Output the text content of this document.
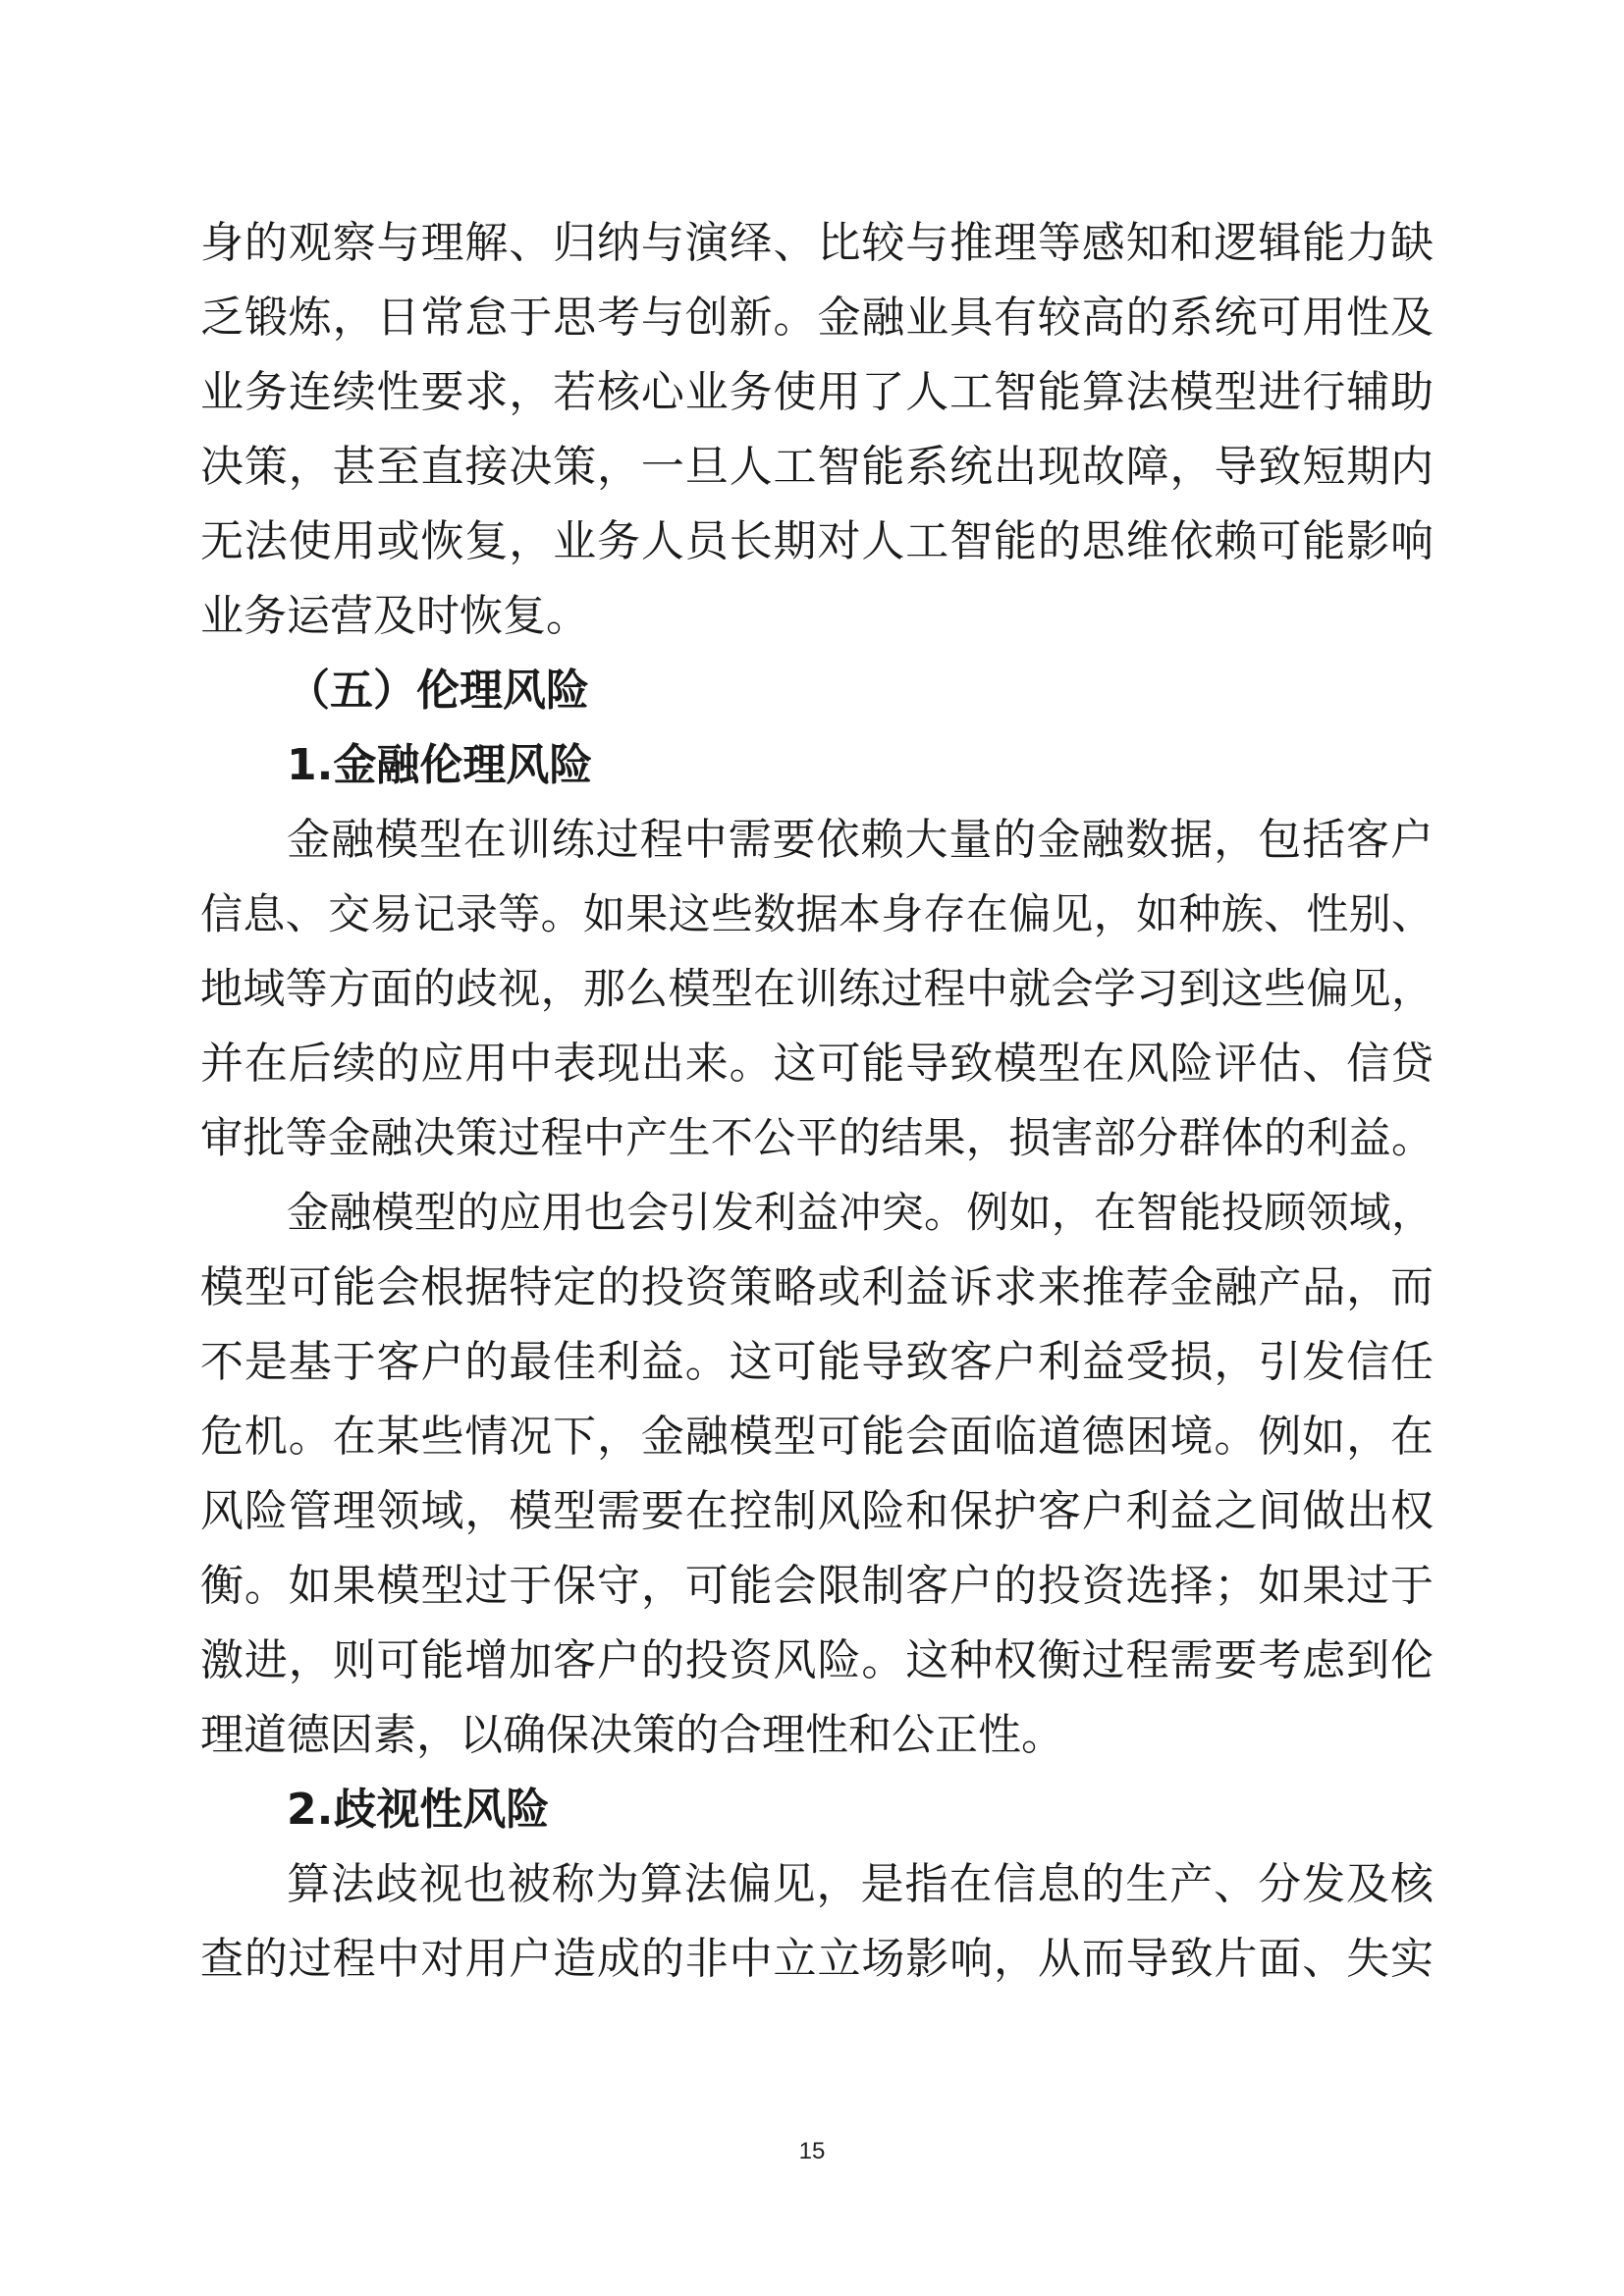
身的观察与理解、归纳与演绎、比较与推理等感知和逻辑能力缺
乏锻炼，日常怠于思考与创新。金融业具有较高的系统可用性及
业务连续性要求，若核心业务使用了人工智能算法模型进行辅助
决策，甚至直接决策，一旦人工智能系统出现故障，导致短期内
无法使用或恢复，业务人员长期对人工智能的思维依赖可能影响
业务运营及时恢复。
（五）伦理风险
1.金融伦理风险
金融模型在训练过程中需要依赖大量的金融数据，包括客户
信息、交易记录等。如果这些数据本身存在偏见，如种族、性别、
地域等方面的歧视，那么模型在训练过程中就会学习到这些偏见，
并在后续的应用中表现出来。这可能导致模型在风险评估、信贷
审批等金融决策过程中产生不公平的结果，损害部分群体的利益。
金融模型的应用也会引发利益冲突。例如，在智能投顾领域，
模型可能会根据特定的投资策略或利益诉求来推荐金融产品，而
不是基于客户的最佳利益。这可能导致客户利益受损，引发信任
危机。在某些情况下，金融模型可能会面临道德困境。例如，在
风险管理领域，模型需要在控制风险和保护客户利益之间做出权
衡。如果模型过于保守，可能会限制客户的投资选择；如果过于
激进，则可能增加客户的投资风险。这种权衡过程需要考虑到伦
理道德因素，以确保决策的合理性和公正性。
2.歧视性风险
算法歧视也被称为算法偏见，是指在信息的生产、分发及核
查的过程中对用户造成的非中立立场影响，从而导致片面、失实
15
